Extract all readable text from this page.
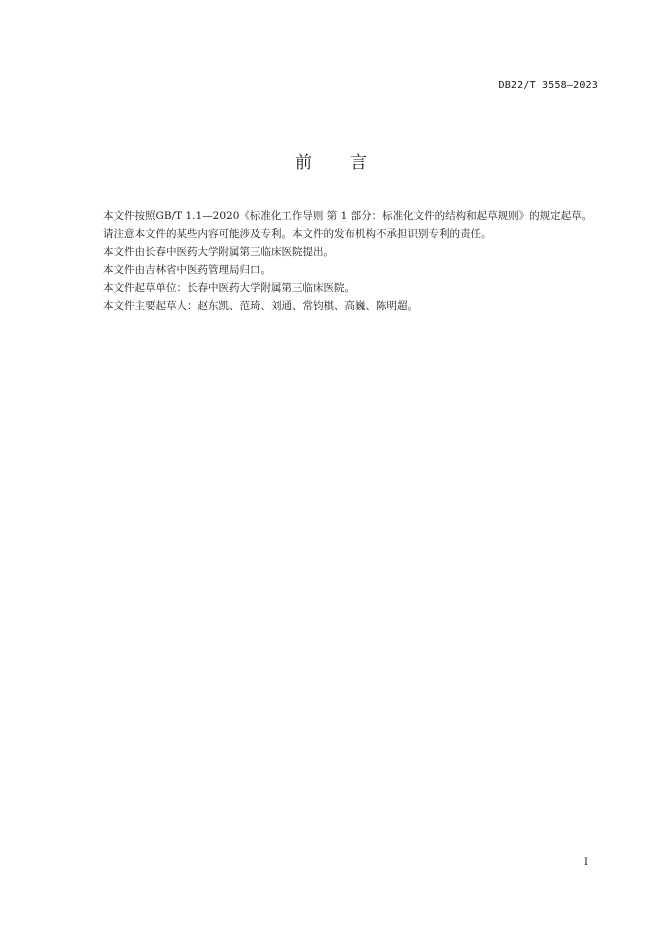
DB22/T 3558—2023
前言

本文件按照GB/T 1.1—2020《标准化工作导则 第 1 部分：标准化文件的结构和起草规则》的规定起草。

请注意本文件的某些内容可能涉及专利。本文件的发布机构不承担识别专利的责任。

本文件由长春中医药大学附属第三临床医院提出。

本文件由吉林省中医药管理局归口。

本文件起草单位：长春中医药大学附属第三临床医院。

本文件主要起草人：赵东凯、范琦、刘通、常钧棋、高巍、陈明超。

I
